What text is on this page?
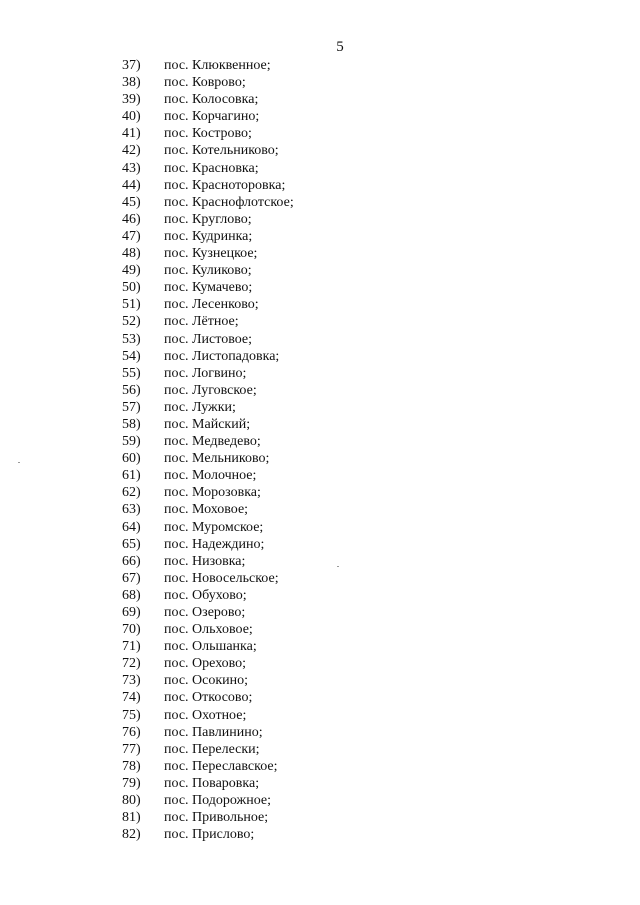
5
37)	пос. Клюквенное;
38)	пос. Коврово;
39)	пос. Колосовка;
40)	пос. Корчагино;
41)	пос. Кострово;
42)	пос. Котельниково;
43)	пос. Красновка;
44)	пос. Красноторовка;
45)	пос. Краснофлотское;
46)	пос. Круглово;
47)	пос. Кудринка;
48)	пос. Кузнецкое;
49)	пос. Куликово;
50)	пос. Кумачево;
51)	пос. Лесенково;
52)	пос. Лётное;
53)	пос. Листовое;
54)	пос. Листопадовка;
55)	пос. Логвино;
56)	пос. Луговское;
57)	пос. Лужки;
58)	пос. Майский;
59)	пос. Медведево;
60)	пос. Мельниково;
61)	пос. Молочное;
62)	пос. Морозовка;
63)	пос. Моховое;
64)	пос. Муромское;
65)	пос. Надеждино;
66)	пос. Низовка;
67)	пос. Новосельское;
68)	пос. Обухово;
69)	пос. Озерово;
70)	пос. Ольховое;
71)	пос. Ольшанка;
72)	пос. Орехово;
73)	пос. Осокино;
74)	пос. Откосово;
75)	пос. Охотное;
76)	пос. Павлинино;
77)	пос. Перелески;
78)	пос. Переславское;
79)	пос. Поваровка;
80)	пос. Подорожное;
81)	пос. Привольное;
82)	пос. Прислово;
